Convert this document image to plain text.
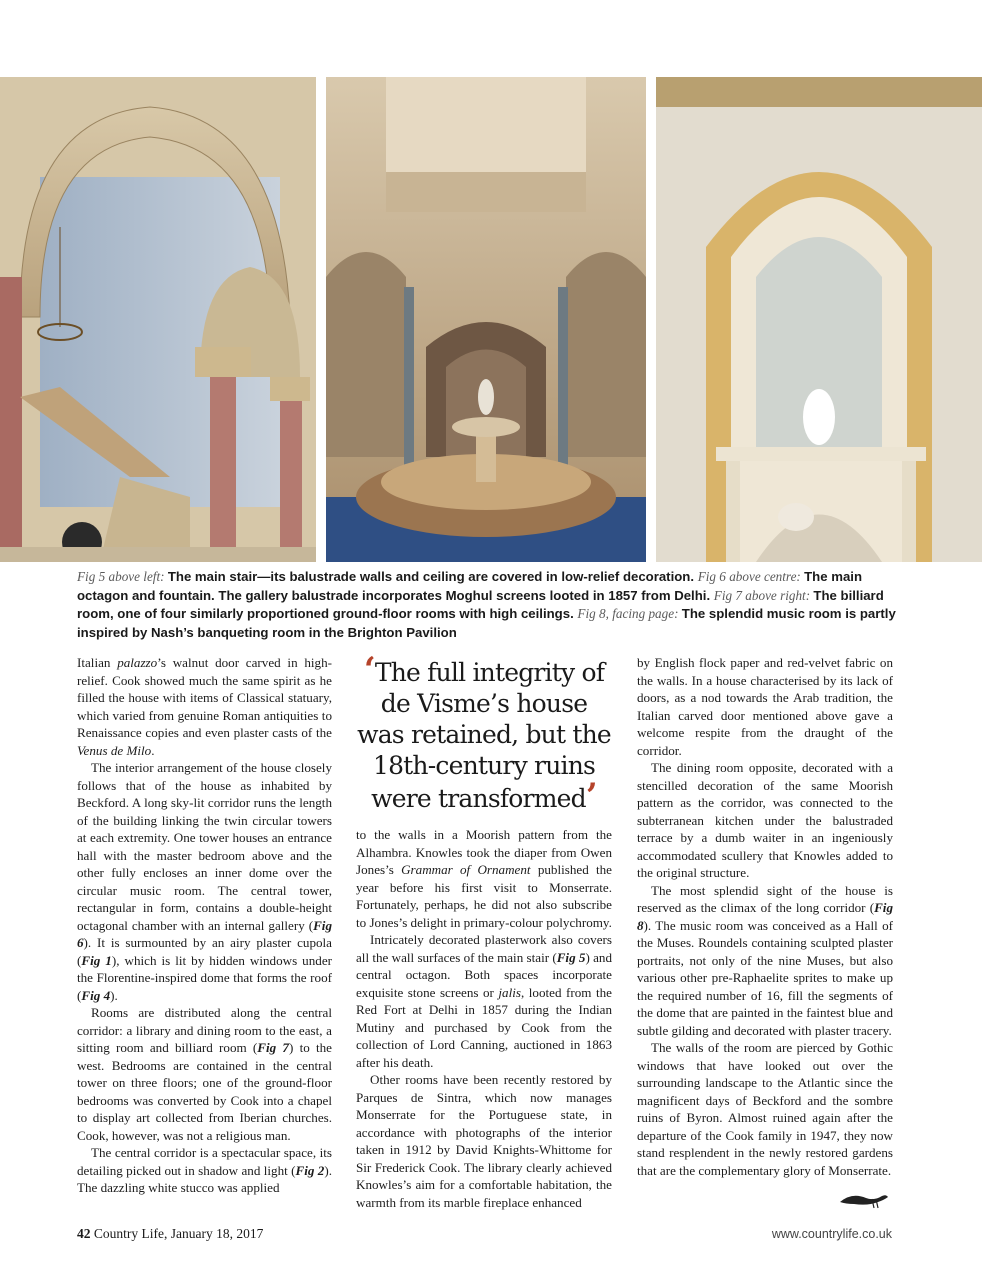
Fig 5 above left: The main stair—its balustrade walls and ceiling are covered in low-relief decoration. Fig 6 above centre: The main octagon and fountain. The gallery balustrade incorporates Moghul screens looted in 1857 from Delhi. Fig 7 above right: The billiard room, one of four similarly proportioned ground-floor rooms with high ceilings. Fig 8, facing page: The splendid music room is partly inspired by Nash’s banqueting room in the Brighton Pavilion

Italian palazzo’s walnut door carved in high-relief. Cook showed much the same spirit as he filled the house with items of Classical statuary, which varied from genuine Roman antiquities to Renaissance copies and even plaster casts of the Venus de Milo.

The interior arrangement of the house closely follows that of the house as inhabited by Beckford. A long sky-lit corridor runs the length of the building linking the twin circular towers at each extremity. One tower houses an entrance hall with the master bedroom above and the other fully encloses an inner dome over the circular music room. The central tower, rectangular in form, contains a double-height octagonal chamber with an internal gallery (Fig 6). It is surmounted by an airy plaster cupola (Fig 1), which is lit by hidden windows under the Florentine-inspired dome that forms the roof (Fig 4).

Rooms are distributed along the central corridor: a library and dining room to the east, a sitting room and billiard room (Fig 7) to the west. Bedrooms are contained in the central tower on three floors; one of the ground-floor bedrooms was converted by Cook into a chapel to display art collected from Iberian churches. Cook, however, was not a religious man.

The central corridor is a spectacular space, its detailing picked out in shadow and light (Fig 2). The dazzling white stucco was applied

‘The full integrity of de Visme’s house was retained, but the 18th-century ruins were transformed’

to the walls in a Moorish pattern from the Alhambra. Knowles took the diaper from Owen Jones’s Grammar of Ornament published the year before his first visit to Monserrate. Fortunately, perhaps, he did not also subscribe to Jones’s delight in primary-colour polychromy.

Intricately decorated plasterwork also covers all the wall surfaces of the main stair (Fig 5) and central octagon. Both spaces incorporate exquisite stone screens or jalis, looted from the Red Fort at Delhi in 1857 during the Indian Mutiny and purchased by Cook from the collection of Lord Canning, auctioned in 1863 after his death.

Other rooms have been recently restored by Parques de Sintra, which now manages Monserrate for the Portuguese state, in accordance with photographs of the interior taken in 1912 by David Knights-Whittome for Sir Frederick Cook. The library clearly achieved Knowles’s aim for a comfortable habitation, the warmth from its marble fireplace enhanced

by English flock paper and red-velvet fabric on the walls. In a house characterised by its lack of doors, as a nod towards the Arab tradition, the Italian carved door mentioned above gave a welcome respite from the draught of the corridor.

The dining room opposite, decorated with a stencilled decoration of the same Moorish pattern as the corridor, was connected to the subterranean kitchen under the balustraded terrace by a dumb waiter in an ingeniously accommodated scullery that Knowles added to the original structure.

The most splendid sight of the house is reserved as the climax of the long corridor (Fig 8). The music room was conceived as a Hall of the Muses. Roundels containing sculpted plaster portraits, not only of the nine Muses, but also various other pre-Raphaelite sprites to make up the required number of 16, fill the segments of the dome that are painted in the faintest blue and subtle gilding and decorated with plaster tracery.

The walls of the room are pierced by Gothic windows that have looked out over the surrounding landscape to the Atlantic since the magnificent days of Beckford and the sombre ruins of Byron. Almost ruined again after the departure of the Cook family in 1947, they now stand resplendent in the newly restored gardens that are the complementary glory of Monserrate.

42 Country Life, January 18, 2017	www.countrylife.co.uk
